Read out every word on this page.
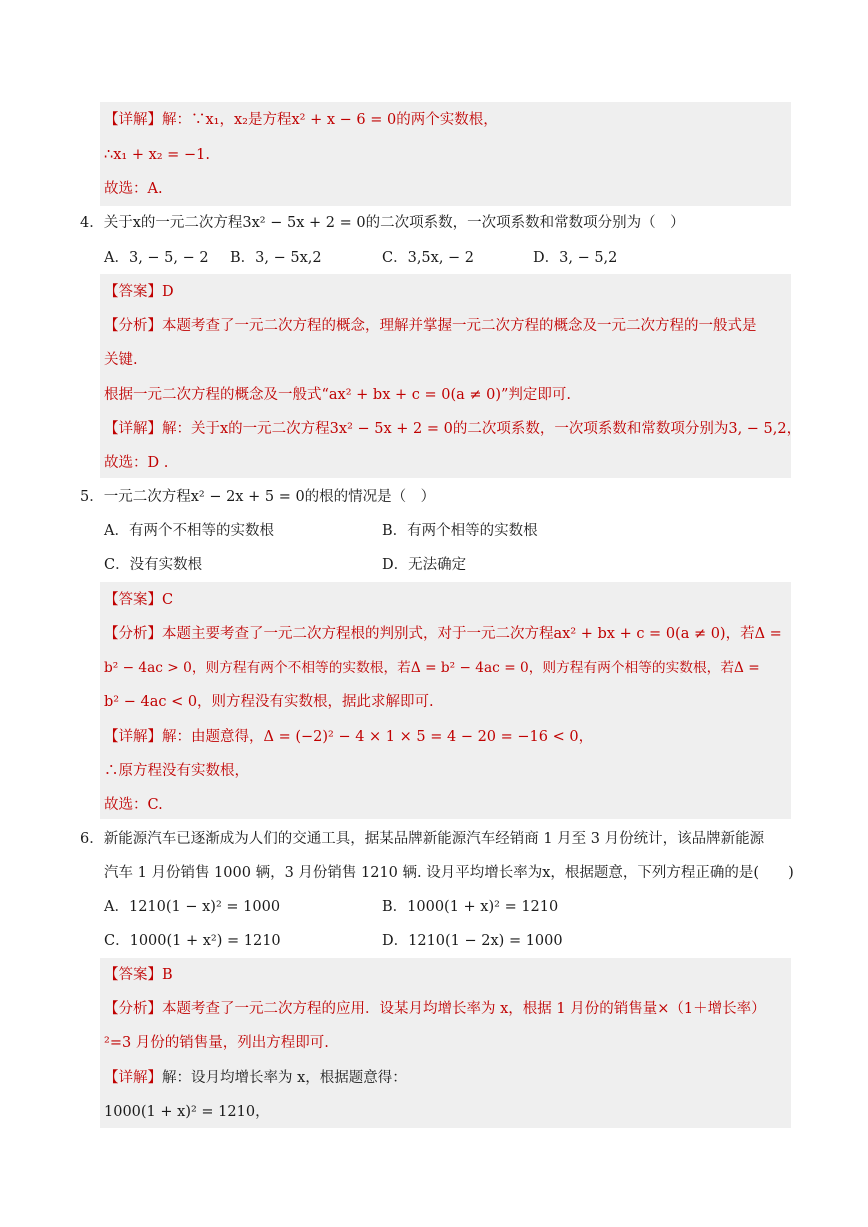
【详解】解：∵x₁，x₂是方程x² + x − 6 = 0的两个实数根，
∴x₁ + x₂ = −1.
故选：A.
4．关于x的一元二次方程3x² − 5x + 2 = 0的二次项系数，一次项系数和常数项分别为（　）
A．3, − 5, − 2 B．3, − 5x,2	C．3,5x, − 2	D．3, − 5,2
【答案】D
【分析】本题考查了一元二次方程的概念，理解并掌握一元二次方程的概念及一元二次方程的一般式是
关键.
根据一元二次方程的概念及一般式“ax² + bx + c = 0(a ≠ 0)”判定即可.
【详解】解：关于x的一元二次方程3x² − 5x + 2 = 0的二次项系数，一次项系数和常数项分别为3, − 5,2，
故选：D .
5．一元二次方程x² − 2x + 5 = 0的根的情况是（　）
A．有两个不相等的实数根	B．有两个相等的实数根
C．没有实数根	D．无法确定
【答案】C
【分析】本题主要考查了一元二次方程根的判别式，对于一元二次方程ax² + bx + c = 0(a ≠ 0)，若Δ =
b² − 4ac > 0，则方程有两个不相等的实数根，若Δ = b² − 4ac = 0，则方程有两个相等的实数根，若Δ =
b² − 4ac < 0，则方程没有实数根，据此求解即可.
【详解】解：由题意得，Δ = (−2)² − 4 × 1 × 5 = 4 − 20 = −16 < 0，
∴原方程没有实数根，
故选：C.
6．新能源汽车已逐渐成为人们的交通工具，据某品牌新能源汽车经销商 1 月至 3 月份统计，该品牌新能源
汽车 1 月份销售 1000 辆，3 月份销售 1210 辆. 设月平均增长率为x，根据题意，下列方程正确的是(　　)
A．1210(1 − x)² = 1000	B．1000(1 + x)² = 1210
C．1000(1 + x²) = 1210	D．1210(1 − 2x) = 1000
【答案】B
【分析】本题考查了一元二次方程的应用．设某月均增长率为 x，根据 1 月份的销售量×（1＋增长率）
²=3 月份的销售量，列出方程即可.
【详解】解：设月均增长率为 x，根据题意得：
1000(1 + x)² = 1210，
